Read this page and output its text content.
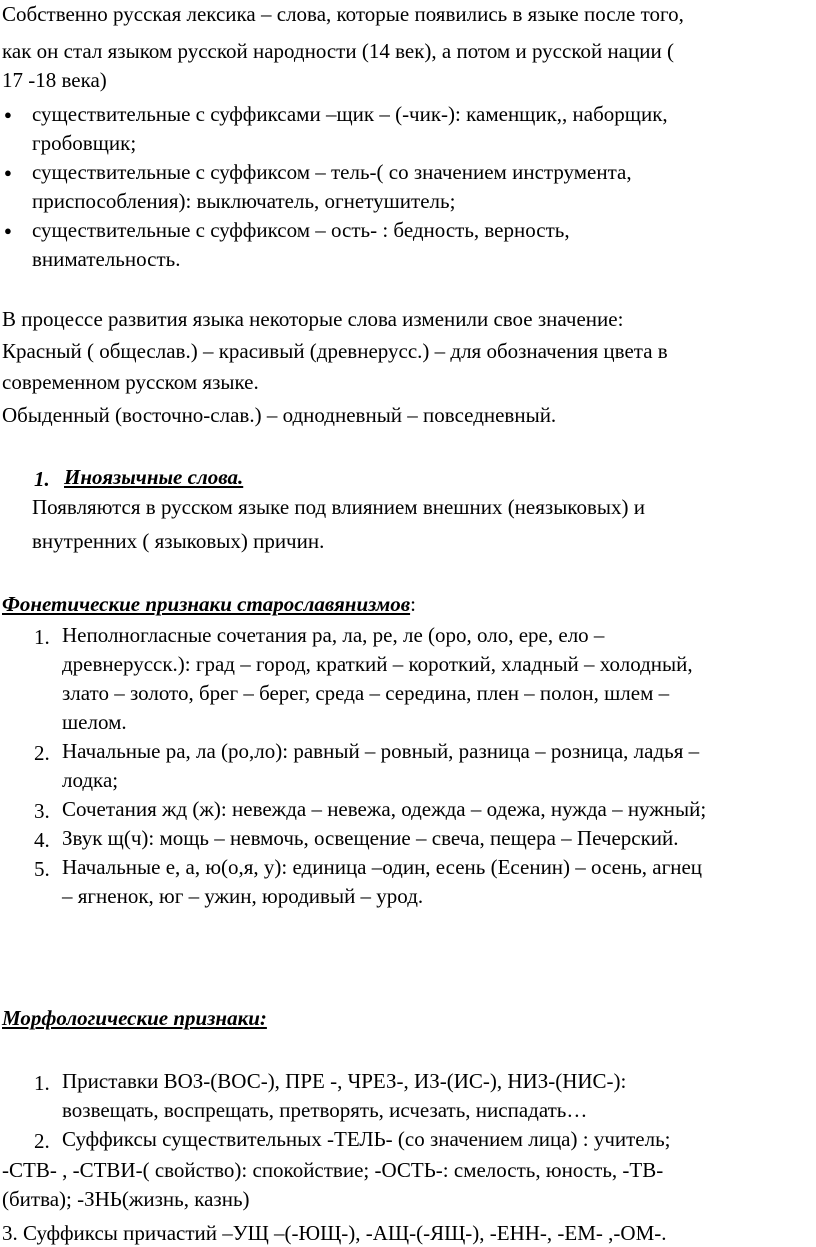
Собственно русская лексика – слова, которые появились в языке после того,
как он стал языком русской народности (14 век), а потом и русской нации (
17 -18 века)
● существительные с суффиксами –щик – (-чик-): каменщик,, наборщик,
гробовщик;
● существительные с суффиксом – тель-( со значением инструмента,
приспособления): выключатель, огнетушитель;
● существительные с суффиксом – ость- : бедность, верность,
внимательность.
В процессе развития языка некоторые слова изменили свое значение:
Красный ( общеслав.) – красивый (древнерусс.) – для обозначения цвета в
современном русском языке.
Обыденный (восточно-слав.) – однодневный – повседневный.
1. Иноязычные слова.
Появляются в русском языке под влиянием внешних (неязыковых) и
внутренних ( языковых) причин.
Фонетические признаки старославянизмов:
1. Неполногласные сочетания ра, ла, ре, ле (оро, оло, ере, ело –
древнерусск.): град – город, краткий – короткий, хладный – холодный,
злато – золото, брег – берег, среда – середина, плен – полон, шлем –
шелом.
2. Начальные ра, ла (ро,ло): равный – ровный, разница – розница, ладья –
лодка;
3. Сочетания жд (ж): невежда – невежа, одежда – одежа, нужда – нужный;
4. Звук щ(ч): мощь – невмочь, освещение – свеча, пещера – Печерский.
5. Начальные е, а, ю(о,я, у): единица –один, есень (Есенин) – осень, агнец
– ягненок, юг – ужин, юродивый – урод.
Морфологические признаки:
1. Приставки ВОЗ-(ВОС-), ПРЕ -, ЧРЕЗ-, ИЗ-(ИС-), НИЗ-(НИС-):
возвещать, воспрещать, претворять, исчезать, ниспадать…
2. Суффиксы существительных -ТЕЛЬ- (со значением лица) : учитель;
-СТВ- , -СТВИ-( свойство): спокойствие; -ОСТЬ-: смелость, юность, -ТВ-
(битва); -ЗНЬ(жизнь, казнь)
3. Суффиксы причастий –УЩ –(-ЮЩ-), -АЩ-(-ЯЩ-), -ЕНН-, -ЕМ- ,-ОМ-.
